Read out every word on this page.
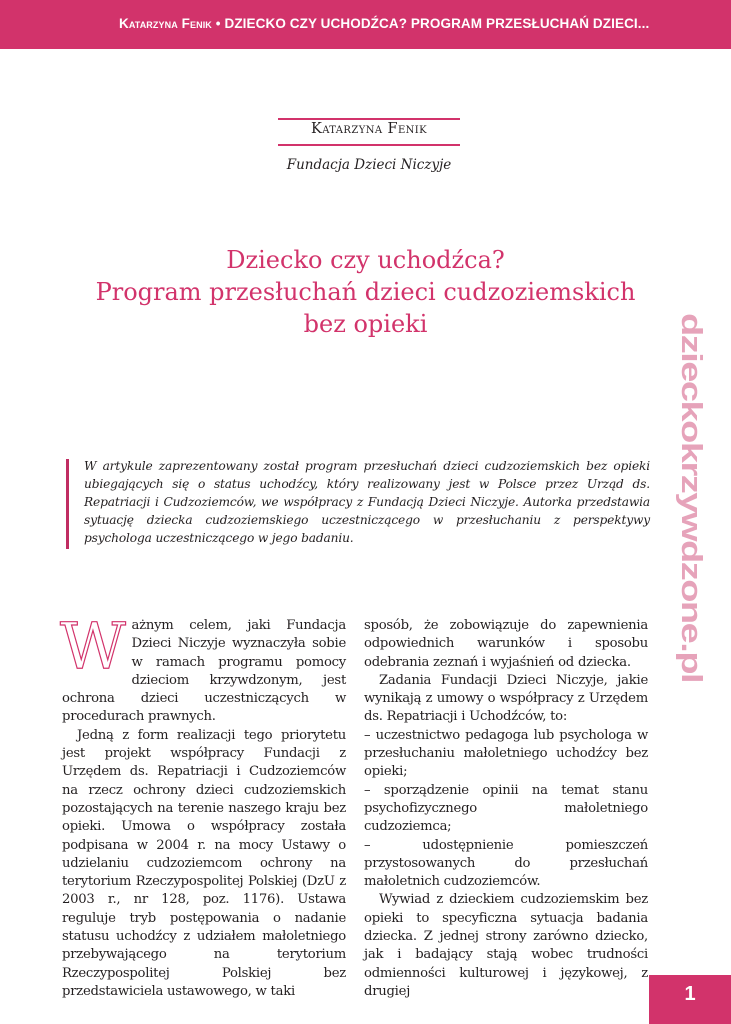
Katarzyna Fenik • DZIECKO CZY UCHODŹCA? PROGRAM PRZESŁUCHAŃ DZIECI...
Katarzyna Fenik
Fundacja Dzieci Niczyje
Dziecko czy uchodźca?
Program przesłuchań dzieci cudzoziemskich
bez opieki
W artykule zaprezentowany został program przesłuchań dzieci cudzoziemskich bez opieki ubiegających się o status uchodźcy, który realizowany jest w Polsce przez Urząd ds. Repatriacji i Cudzoziemców, we współpracy z Fundacją Dzieci Niczyje. Autorka przedstawia sytuację dziecka cudzoziemskiego uczestniczącego w przesłuchaniu z perspektywy psychologa uczestniczącego w jego badaniu.

Ważnym celem, jaki Fundacja Dzieci Niczyje wyznaczyła sobie w ramach programu pomocy dzieciom krzywdzonym, jest ochrona dzieci uczestniczących w procedurach prawnych.

Jedną z form realizacji tego priorytetu jest projekt współpracy Fundacji z Urzędem ds. Repatriacji i Cudzoziemców na rzecz ochrony dzieci cudzoziemskich pozostających na terenie naszego kraju bez opieki. Umowa o współpracy została podpisana w 2004 r. na mocy Ustawy o udzielaniu cudzoziemcom ochrony na terytorium Rzeczypospolitej Polskiej (DzU z 2003 r., nr 128, poz. 1176). Ustawa reguluje tryb postępowania o nadanie statusu uchodźcy z udziałem małoletniego przebywającego na terytorium Rzeczypospolitej Polskiej bez przedstawiciela ustawowego, w taki

sposób, że zobowiązuje do zapewnienia odpowiednich warunków i sposobu odebrania zeznań i wyjaśnień od dziecka.

Zadania Fundacji Dzieci Niczyje, jakie wynikają z umowy o współpracy z Urzędem ds. Repatriacji i Uchodźców, to:

– uczestnictwo pedagoga lub psychologa w przesłuchaniu małoletniego uchodźcy bez opieki;

– sporządzenie opinii na temat stanu psychofizycznego małoletniego cudzoziemca;

– udostępnienie pomieszczeń przystosowanych do przesłuchań małoletnich cudzoziemców.

Wywiad z dzieckiem cudzoziemskim bez opieki to specyficzna sytuacja badania dziecka. Z jednej strony zarówno dziecko, jak i badający stają wobec trudności odmienności kulturowej i językowej, z drugiej

dzieckokrzywdzone.pl
1
